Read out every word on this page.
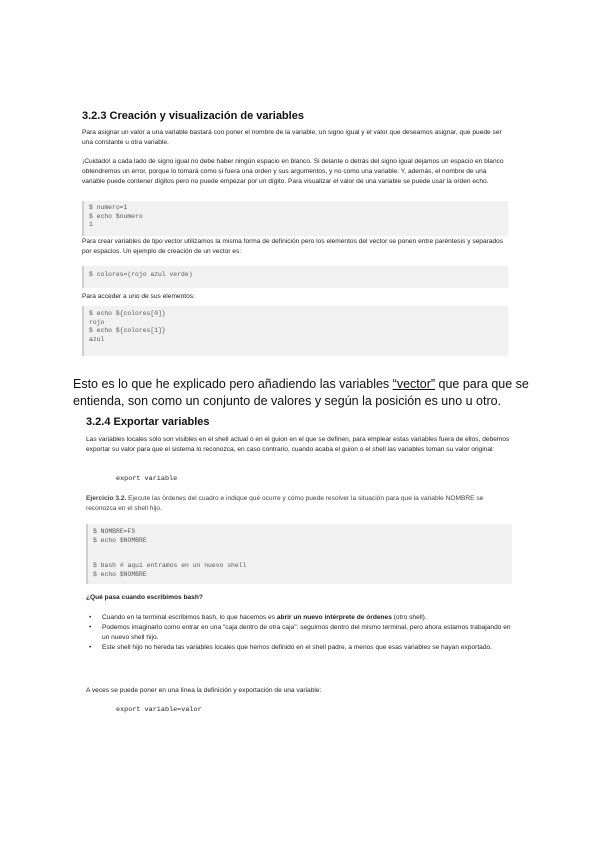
3.2.3 Creación y visualización de variables
Para asignar un valor a una variable bastará con poner el nombre de la variable, un signo igual y el valor que deseamos asignar, que puede ser una constante u otra variable.
¡Cuidado! a cada lado de signo igual no debe haber ningún espacio en blanco. Si delante o detrás del signo igual dejamos un espacio en blanco obtendremos un error, porque lo tomará como si fuera una orden y sus argumentos, y no como una variable. Y, además, el nombre de una variable puede contener dígitos pero no puede empezar por un dígito. Para visualizar el valor de una variable se puede usar la orden echo.
$ numero=1
$ echo $numero
1
Para crear variables de tipo vector utilizamos la misma forma de definición pero los elementos del vector se ponen entre paréntesis y separados por espacios. Un ejemplo de creación de un vector es:
$ colores=(rojo azul verde)
Para acceder a uno de sus elementos:
$ echo ${colores[0]}
rojo
$ echo ${colores[1]}
azul
Esto es lo que he explicado pero añadiendo las variables “vector” que para que se entienda, son como un conjunto de valores y según la posición es uno u otro.
3.2.4 Exportar variables
Las variables locales sólo son visibles en el shell actual o en el guion en el que se definen, para emplear estas variables fuera de ellos, debemos exportar su valor para que el sistema lo reconozca, en caso contrario, cuando acaba el guion o el shell las variables toman su valor original:
export variable
Ejercicio 3.2. Ejecute las órdenes del cuadro e indique qué ocurre y cómo puede resolver la situación para que la variable NOMBRE se reconozca en el shell hijo.
$ NOMBRE=FS
$ echo $NOMBRE
$ bash # aquí entramos en un nuevo shell
$ echo $NOMBRE
¿Qué pasa cuando escribimos bash?
• Cuando en la terminal escribimos bash, lo que hacemos es abrir un nuevo intérprete de órdenes (otro shell).
• Podemos imaginarlo como entrar en una "caja dentro de otra caja": seguimos dentro del mismo terminal, pero ahora estamos trabajando en un nuevo shell hijo.
• Este shell hijo no hereda las variables locales que hemos definido en el shell padre, a menos que esas variables se hayan exportado.
A veces se puede poner en una línea la definición y exportación de una variable:
export variable=valor
